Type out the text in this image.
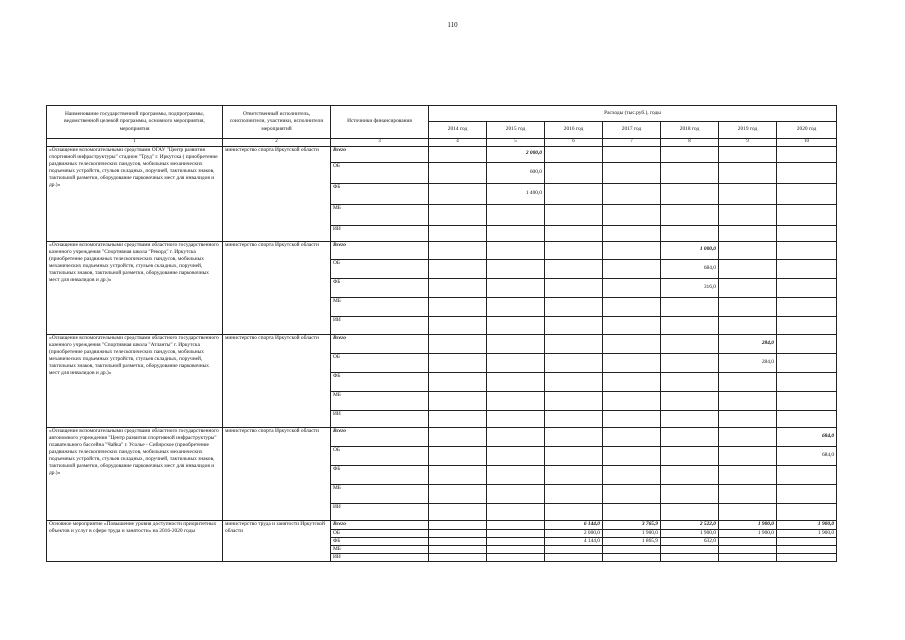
110
Наименование государственной программы, подпрограммы, ведомственной целевой программы, основного мероприятия, мероприятия	Ответственный исполнитель, соисполнители, участники, исполнители мероприятий	Источники финансирования	Расходы (тыс.руб.), годы						
			2014 год	2015 год	2016 год	2017 год	2018 год	2019 год	2020 год
1	2	3	4	5	6	7	8	9	10
«Оснащение вспомогательными средствами ОГАУ "Центр развития спортивной инфраструктуры" стадион "Труд" г. Иркутска ( приобретение раздвижных телескопических пандусов, мобильных механических подъемных устройств, стульев складных, поручней, тактильных знаков, тактильной разметки, оборудование парковочных мест для инвалидов и др.)»	министерство спорта Иркутской области	Всего		2 000,0					
		ОБ		600,0					
		ФБ		1 400,0					
		МБ							
		ИИ							
«Оснащение вспомогательными средствами областного государственного казенного учреждения "Спортивная школа "Рекорд" г. Иркутска (приобретение раздвижных телескопических пандусов, мобильных механических подъемных устройств, стульев складных, поручней, тактильных знаков, тактильной разметки, оборудование парковочных мест для инвалидов и др.)»	министерство спорта Иркутской области	Всего					1 000,0		
		ОБ					684,0		
		ФБ					316,0		
		МБ							
		ИИ							
«Оснащение вспомогательными средствами областного государственного казенного учреждения "Спортивная школа "Атланты" г. Иркутска (приобретение раздвижных телескопических пандусов, мобильных механических подъемных устройств, стульев складных, поручней, тактильных знаков, тактильной разметки, оборудование парковочных мест для инвалидов и др.)»	министерство спорта Иркутской области	Всего						284,0	
		ОБ						284,0	
		ФБ							
		МБ							
		ИИ							
«Оснащение вспомогательными средствами областного государственного автономного учреждения "Центр развития спортивной инфраструктуры" плавательного бассейна "Чайка" г. Усолье - Сибирское (приобретение раздвижных телескопических пандусов, мобильных механических подъемных устройств, стульев складных, поручней, тактильных знаков, тактильной разметки, оборудование парковочных мест для инвалидов и др.)»	министерство спорта Иркутской области	Всего							684,0
		ОБ							684,0
		ФБ							
		МБ							
		ИИ							
Основное мероприятие «Повышение уровня доступности приоритетных объектов и услуг в сфере труда и занятости» на 2016-2020 годы	министерство труда и занятости Иркутской области	Всего			6 144,0	3 765,9	2 522,0	1 900,0	1 900,0
		ОБ			2 000,0	1 900,0	1 900,0	1 900,0	1 900,0
		ФБ			4 144,0	1 865,9	632,0		
		МБ							
		ИИ							
